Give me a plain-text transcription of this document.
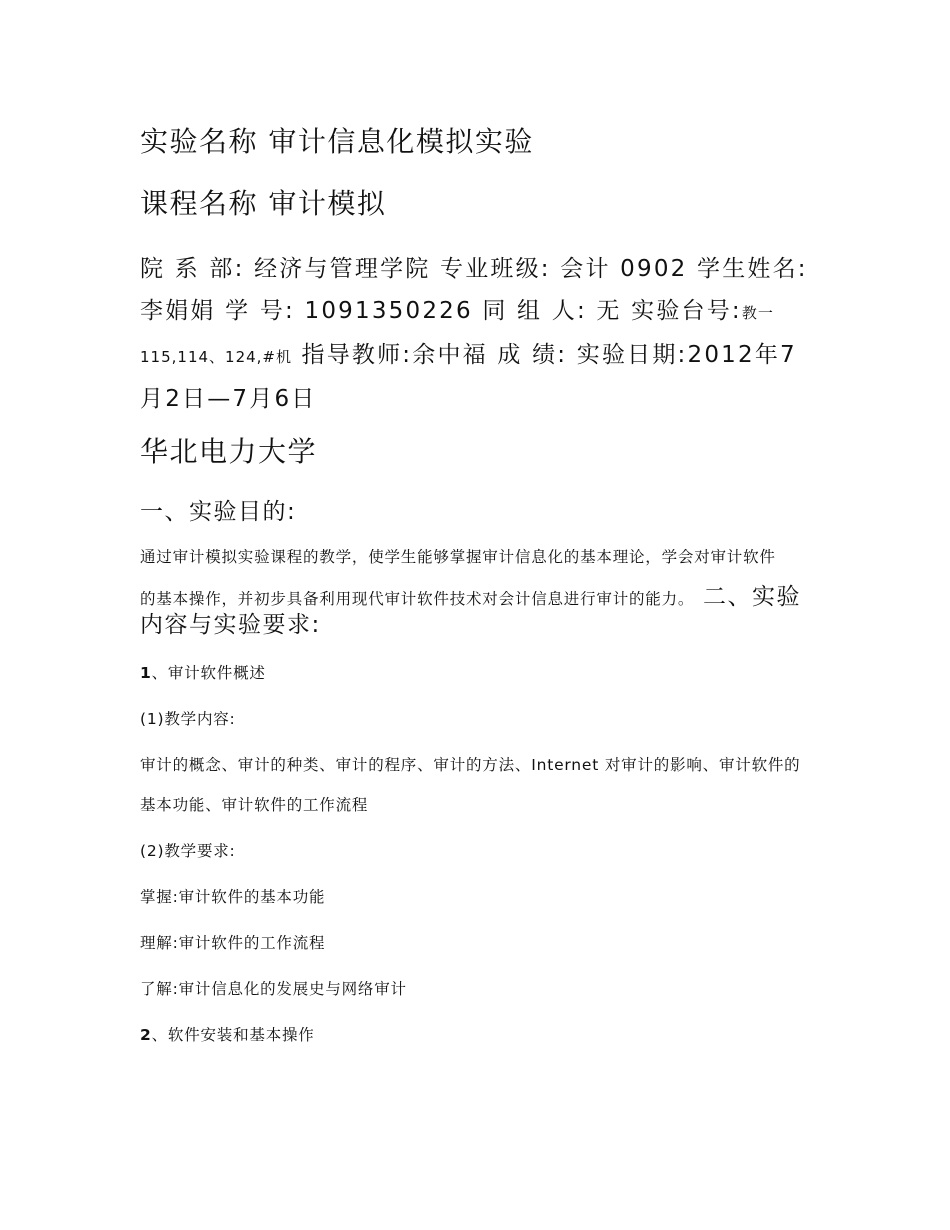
实验名称 审计信息化模拟实验
课程名称 审计模拟
院 系 部: 经济与管理学院 专业班级: 会计 0902 学生姓名: 李娟娟 学 号: 1091350226 同 组 人: 无 实验台号:教一115,114、124,#机 指导教师:余中福 成 绩: 实验日期:2012年7月2日—7月6日
华北电力大学
一、实验目的:

通过审计模拟实验课程的教学，使学生能够掌握审计信息化的基本理论，学会对审计软件

的基本操作，并初步具备利用现代审计软件技术对会计信息进行审计的能力。 二、实验内容与实验要求:

1、审计软件概述
(1)教学内容:

审计的概念、审计的种类、审计的程序、审计的方法、Internet 对审计的影响、审计软件的

基本功能、审计软件的工作流程
(2)教学要求:
掌握:审计软件的基本功能
理解:审计软件的工作流程
了解:审计信息化的发展史与网络审计
2、软件安装和基本操作
